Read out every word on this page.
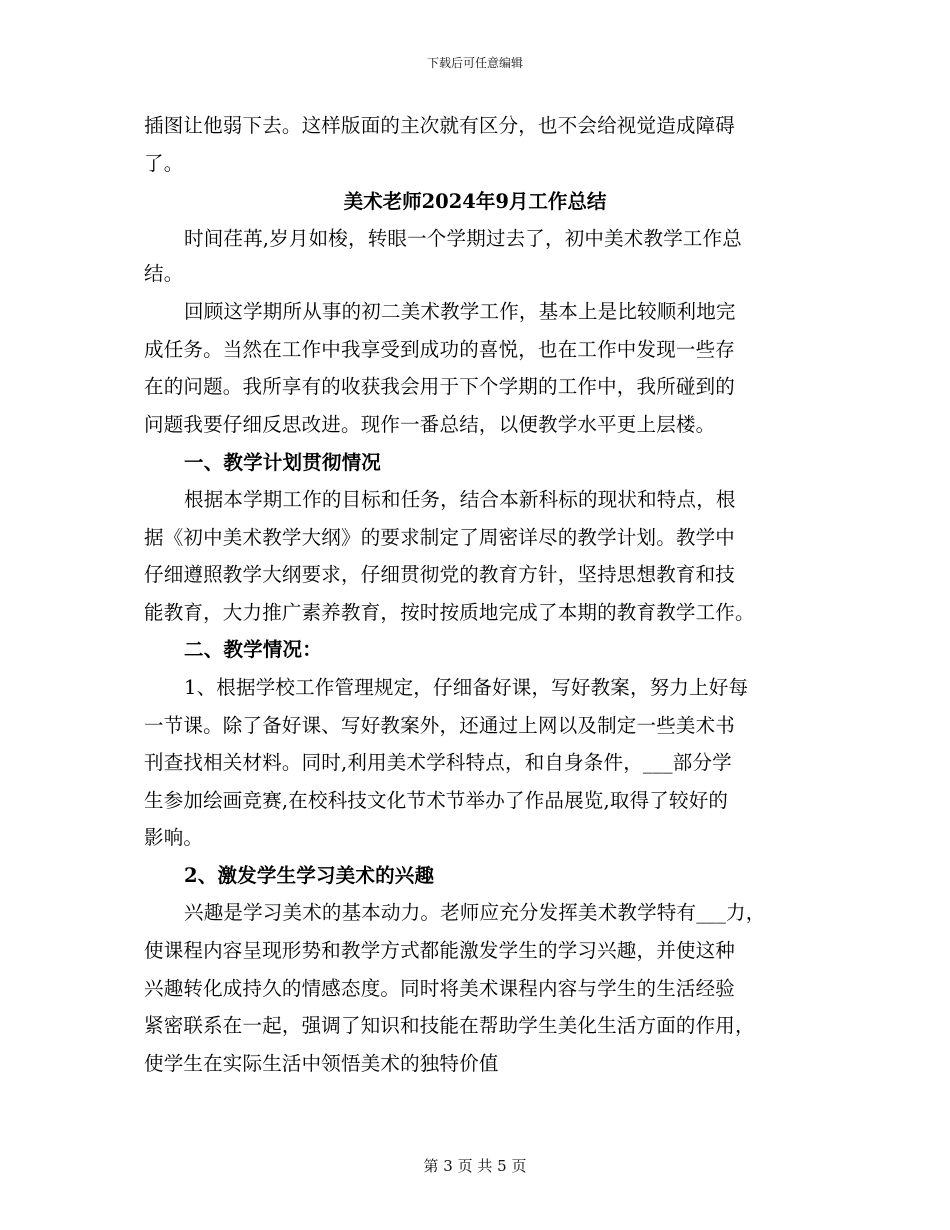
下载后可任意编辑
插图让他弱下去。这样版面的主次就有区分，也不会给视觉造成障碍
了。
美术老师2024年9月工作总结
时间荏苒,岁月如梭，转眼一个学期过去了，初中美术教学工作总
结。
回顾这学期所从事的初二美术教学工作，基本上是比较顺利地完
成任务。当然在工作中我享受到成功的喜悦，也在工作中发现一些存
在的问题。我所享有的收获我会用于下个学期的工作中，我所碰到的
问题我要仔细反思改进。现作一番总结，以便教学水平更上层楼。
一、教学计划贯彻情况
根据本学期工作的目标和任务，结合本新科标的现状和特点，根
据《初中美术教学大纲》的要求制定了周密详尽的教学计划。教学中
仔细遵照教学大纲要求，仔细贯彻党的教育方针，坚持思想教育和技
能教育，大力推广素养教育，按时按质地完成了本期的教育教学工作。
二、教学情况：
1、根据学校工作管理规定，仔细备好课，写好教案，努力上好每
一节课。除了备好课、写好教案外，还通过上网以及制定一些美术书
刊查找相关材料。同时,利用美术学科特点，和自身条件，___部分学
生参加绘画竞赛,在校科技文化节术节举办了作品展览,取得了较好的
影响。
2、激发学生学习美术的兴趣
兴趣是学习美术的基本动力。老师应充分发挥美术教学特有___力，
使课程内容呈现形势和教学方式都能激发学生的学习兴趣，并使这种
兴趣转化成持久的情感态度。同时将美术课程内容与学生的生活经验
紧密联系在一起，强调了知识和技能在帮助学生美化生活方面的作用，
使学生在实际生活中领悟美术的独特价值
第 3 页 共 5 页
